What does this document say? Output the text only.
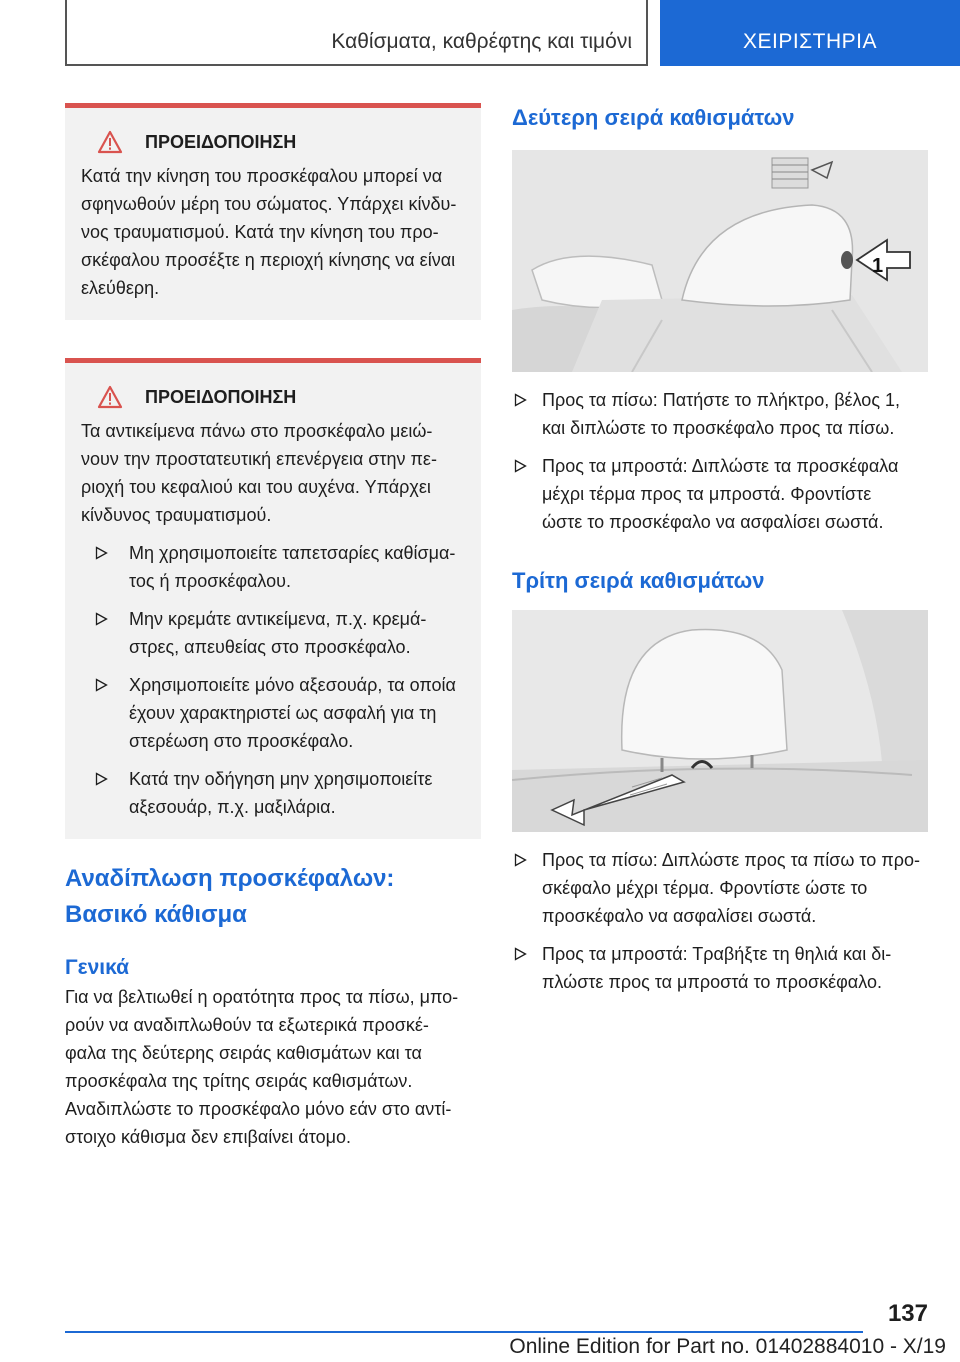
Καθίσματα, καθρέφτης και τιμόνι	ΧΕΙΡΙΣΤΗΡΙΑ
ΠΡΟΕΙΔΟΠΟΙΗΣΗ
Κατά την κίνηση του προσκέφαλου μπορεί να
σφηνωθούν μέρη του σώματος. Υπάρχει κίνδυ-
νος τραυματισμού. Κατά την κίνηση του προ-
σκέφαλου προσέξτε η περιοχή κίνησης να είναι
ελεύθερη.
ΠΡΟΕΙΔΟΠΟΙΗΣΗ
Τα αντικείμενα πάνω στο προσκέφαλο μειώ-
νουν την προστατευτική επενέργεια στην πε-
ριοχή του κεφαλιού και του αυχένα. Υπάρχει
κίνδυνος τραυματισμού.
Μη χρησιμοποιείτε ταπετσαρίες καθίσμα-
τος ή προσκέφαλου.
Μην κρεμάτε αντικείμενα, π.χ. κρεμά-
στρες, απευθείας στο προσκέφαλο.
Χρησιμοποιείτε μόνο αξεσουάρ, τα οποία
έχουν χαρακτηριστεί ως ασφαλή για τη
στερέωση στο προσκέφαλο.
Κατά την οδήγηση μην χρησιμοποιείτε
αξεσουάρ, π.χ. μαξιλάρια.
Αναδίπλωση προσκέφαλων:
Βασικό κάθισμα
Γενικά
Για να βελτιωθεί η ορατότητα προς τα πίσω, μπο-
ρούν να αναδιπλωθούν τα εξωτερικά προσκέ-
φαλα της δεύτερης σειράς καθισμάτων και τα
προσκέφαλα της τρίτης σειράς καθισμάτων.
Αναδιπλώστε το προσκέφαλο μόνο εάν στο αντί-
στοιχο κάθισμα δεν επιβαίνει άτομο.
Δεύτερη σειρά καθισμάτων
1
Προς τα πίσω: Πατήστε το πλήκτρο, βέλος 1,
και διπλώστε το προσκέφαλο προς τα πίσω.
Προς τα μπροστά: Διπλώστε τα προσκέφαλα
μέχρι τέρμα προς τα μπροστά. Φροντίστε
ώστε το προσκέφαλο να ασφαλίσει σωστά.
Τρίτη σειρά καθισμάτων
Προς τα πίσω: Διπλώστε προς τα πίσω το προ-
σκέφαλο μέχρι τέρμα. Φροντίστε ώστε το
προσκέφαλο να ασφαλίσει σωστά.
Προς τα μπροστά: Τραβήξτε τη θηλιά και δι-
πλώστε προς τα μπροστά το προσκέφαλο.
137
Online Edition for Part no. 01402884010 - X/19
